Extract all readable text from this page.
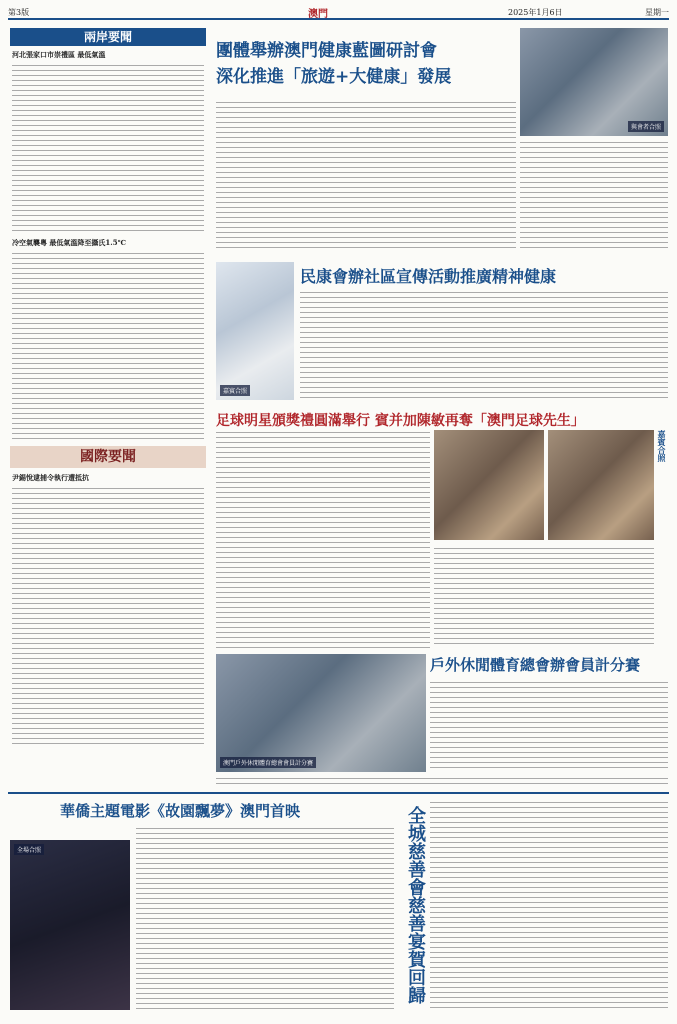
第3版	澳門	2025年1月6日	星期一
兩岸要聞
河北張家口市崇禮區 最低氣溫
冷空氣襲粵 最低氣溫降至攝氏1.5℃
國際要聞
尹錫悅逮捕令執行遭抵抗
團體舉辦澳門健康藍圖研討會
深化推進「旅遊+大健康」發展
與會者合照
民康會辦社區宣傳活動推廣精神健康
嘉賓合照
足球明星頒獎禮圓滿舉行 賓并加陳敏再奪「澳門足球先生」
嘉賓合照
戶外休閒體育總會辦會員計分賽
澳門戶外休閒體育總會會員計分賽
華僑主題電影《故園飄夢》澳門首映
全場合照	全城慈善會慈善宴賀回歸
